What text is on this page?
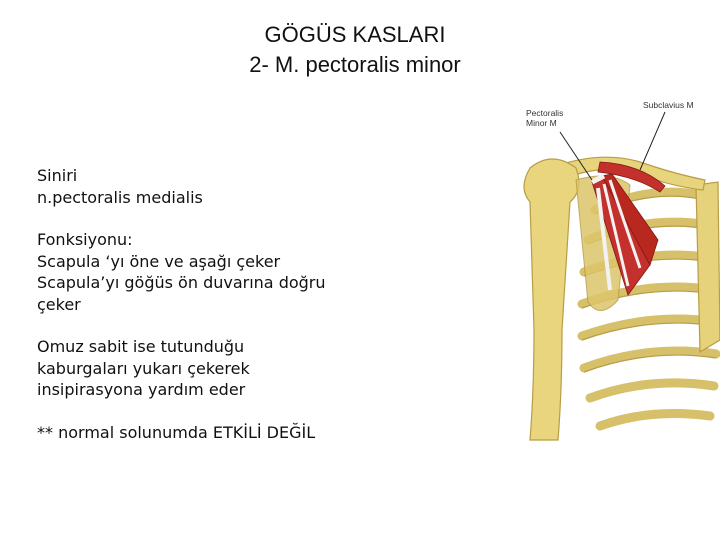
GÖGÜS KASLARI
2- M. pectoralis minor
Siniri
n.pectoralis medialis
Fonksiyonu:
Scapula ‘yı öne ve aşağı çeker
Scapula’yı göğüs ön duvarına doğru
çeker
Omuz sabit ise tutunduğu
kaburgaları yukarı çekerek
insipirasyona yardım eder
** normal solunumda ETKİLİ DEĞİL
Pectoralis
Minor M
Subclavius M
